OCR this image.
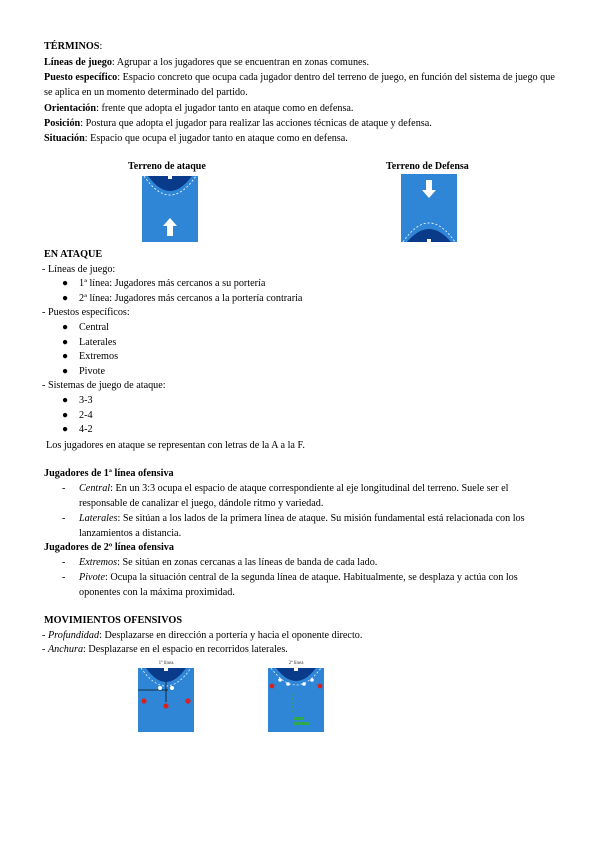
TÉRMINOS:
Líneas de juego: Agrupar a los jugadores que se encuentran en zonas comunes.
Puesto específico: Espacio concreto que ocupa cada jugador dentro del terreno de juego, en función del sistema de juego que se aplica en un momento determinado del partido.
Orientación: frente que adopta el jugador tanto en ataque como en defensa.
Posición: Postura que adopta el jugador para realizar las acciones técnicas de ataque y defensa.
Situación: Espacio que ocupa el jugador tanto en ataque como en defensa.
Terreno de ataque	Terreno de Defensa
EN ATAQUE
- Líneas de juego:
● 1ª línea: Jugadores más cercanos a su portería
● 2ª línea: Jugadores más cercanos a la portería contraria
- Puestos específicos:
● Central
● Laterales
● Extremos
● Pivote
- Sistemas de juego de ataque:
● 3-3
● 2-4
● 4-2
Los jugadores en ataque se representan con letras de la A a la F.
Jugadores de 1ª línea ofensiva
- Central: En un 3:3 ocupa el espacio de ataque correspondiente al eje longitudinal del terreno. Suele ser el responsable de canalizar el juego, dándole ritmo y variedad.
- Laterales: Se sitúan a los lados de la primera línea de ataque. Su misión fundamental está relacionada con los lanzamientos a distancia.
Jugadores de 2º línea ofensiva
- Extremos: Se sitúan en zonas cercanas a las líneas de banda de cada lado.
- Pivote: Ocupa la situación central de la segunda línea de ataque. Habitualmente, se desplaza y actúa con los oponentes con la máxima proximidad.
MOVIMIENTOS OFENSIVOS
- Profundidad: Desplazarse en dirección a portería y hacia el oponente directo.
- Anchura: Desplazarse en el espacio en recorridos laterales.
1ª línea	2ª línea
